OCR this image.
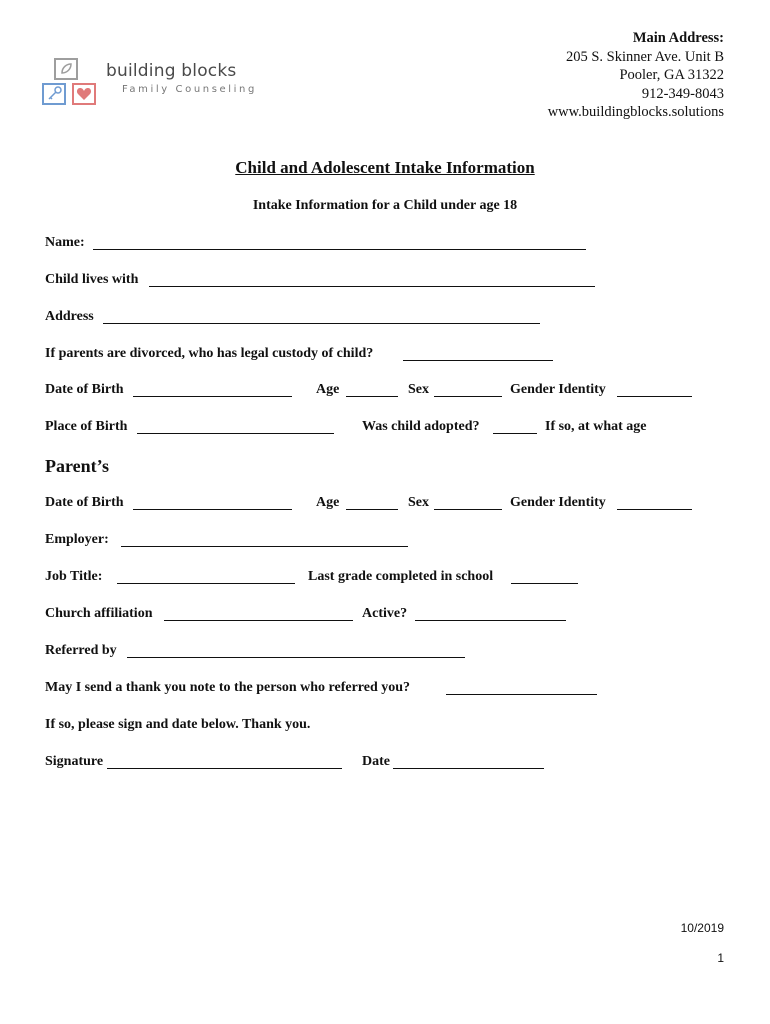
building blocks
Family Counseling
Main Address:
205 S. Skinner Ave. Unit B
Pooler, GA 31322
912-349-8043
www.buildingblocks.solutions
Child and Adolescent Intake Information
Intake Information for a Child under age 18
Name:
Child lives with
Address
If parents are divorced, who has legal custody of child?
Date of Birth	Age	Sex	Gender Identity
Place of Birth	Was child adopted?	If so, at what age
Parent’s
Date of Birth	Age	Sex	Gender Identity
Employer:
Job Title:	Last grade completed in school
Church affiliation	Active?
Referred by
May I send a thank you note to the person who referred you?
If so, please sign and date below. Thank you.
Signature	Date
10/2019
1
